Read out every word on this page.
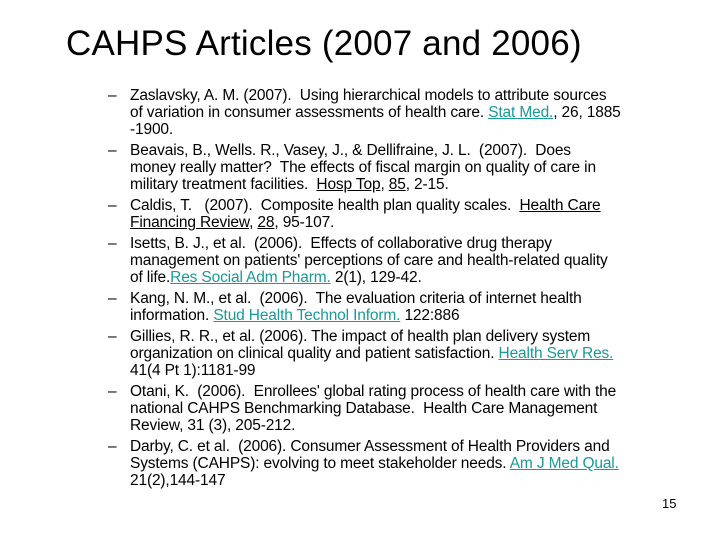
CAHPS Articles (2007 and 2006)
– Zaslavsky, A. M. (2007).  Using hierarchical models to attribute sources
of variation in consumer assessments of health care. Stat Med., 26, 1885
-1900.
– Beavais, B., Wells. R., Vasey, J., & Dellifraine, J. L.  (2007).  Does
money really matter?  The effects of fiscal margin on quality of care in
military treatment facilities.  Hosp Top, 85, 2-15.
– Caldis, T.   (2007).  Composite health plan quality scales.  Health Care
Financing Review, 28, 95-107.
– Isetts, B. J., et al.  (2006).  Effects of collaborative drug therapy
management on patients' perceptions of care and health-related quality
of life.Res Social Adm Pharm. 2(1), 129-42.
– Kang, N. M., et al.  (2006).  The evaluation criteria of internet health
information. Stud Health Technol Inform. 122:886
– Gillies, R. R., et al. (2006). The impact of health plan delivery system
organization on clinical quality and patient satisfaction. Health Serv Res.
41(4 Pt 1):1181-99
– Otani, K.  (2006).  Enrollees' global rating process of health care with the
national CAHPS Benchmarking Database.  Health Care Management
Review, 31 (3), 205-212.
– Darby, C. et al.  (2006). Consumer Assessment of Health Providers and
Systems (CAHPS): evolving to meet stakeholder needs. Am J Med Qual.
21(2),144-147
15
